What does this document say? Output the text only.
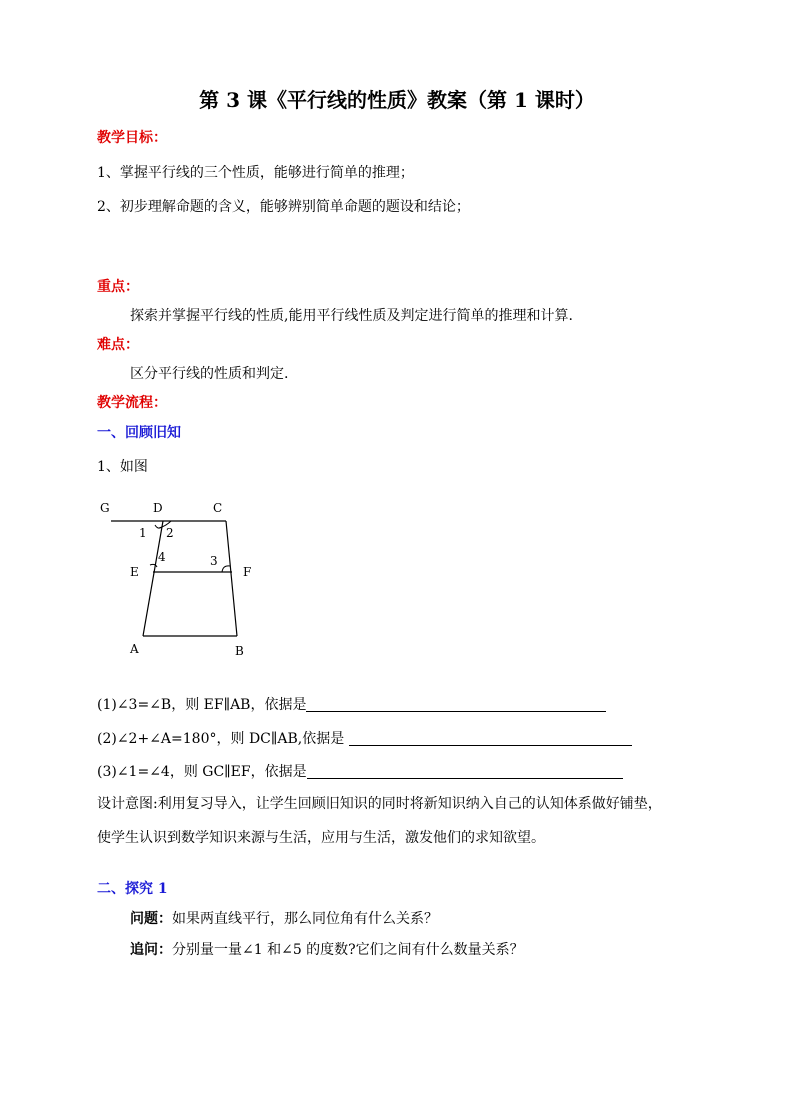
第 3 课《平行线的性质》教案（第 1 课时）
教学目标：
1、掌握平行线的三个性质，能够进行简单的推理；
2、初步理解命题的含义，能够辨别简单命题的题设和结论；
重点：
探索并掌握平行线的性质,能用平行线性质及判定进行简单的推理和计算.
难点：
区分平行线的性质和判定.
教学流程：
一、回顾旧知
1、如图
G	D	C
E	F
A	B
1 2
4	3
(1)∠3=∠B，则 EF∥AB，依据是
(2)∠2+∠A=180°，则 DC∥AB,依据是
(3)∠1=∠4，则 GC∥EF，依据是
设计意图:利用复习导入，让学生回顾旧知识的同时将新知识纳入自己的认知体系做好铺垫，
使学生认识到数学知识来源与生活，应用与生活，激发他们的求知欲望。
二、探究 1
问题：如果两直线平行，那么同位角有什么关系？
追问：分别量一量∠1 和∠5 的度数?它们之间有什么数量关系？
